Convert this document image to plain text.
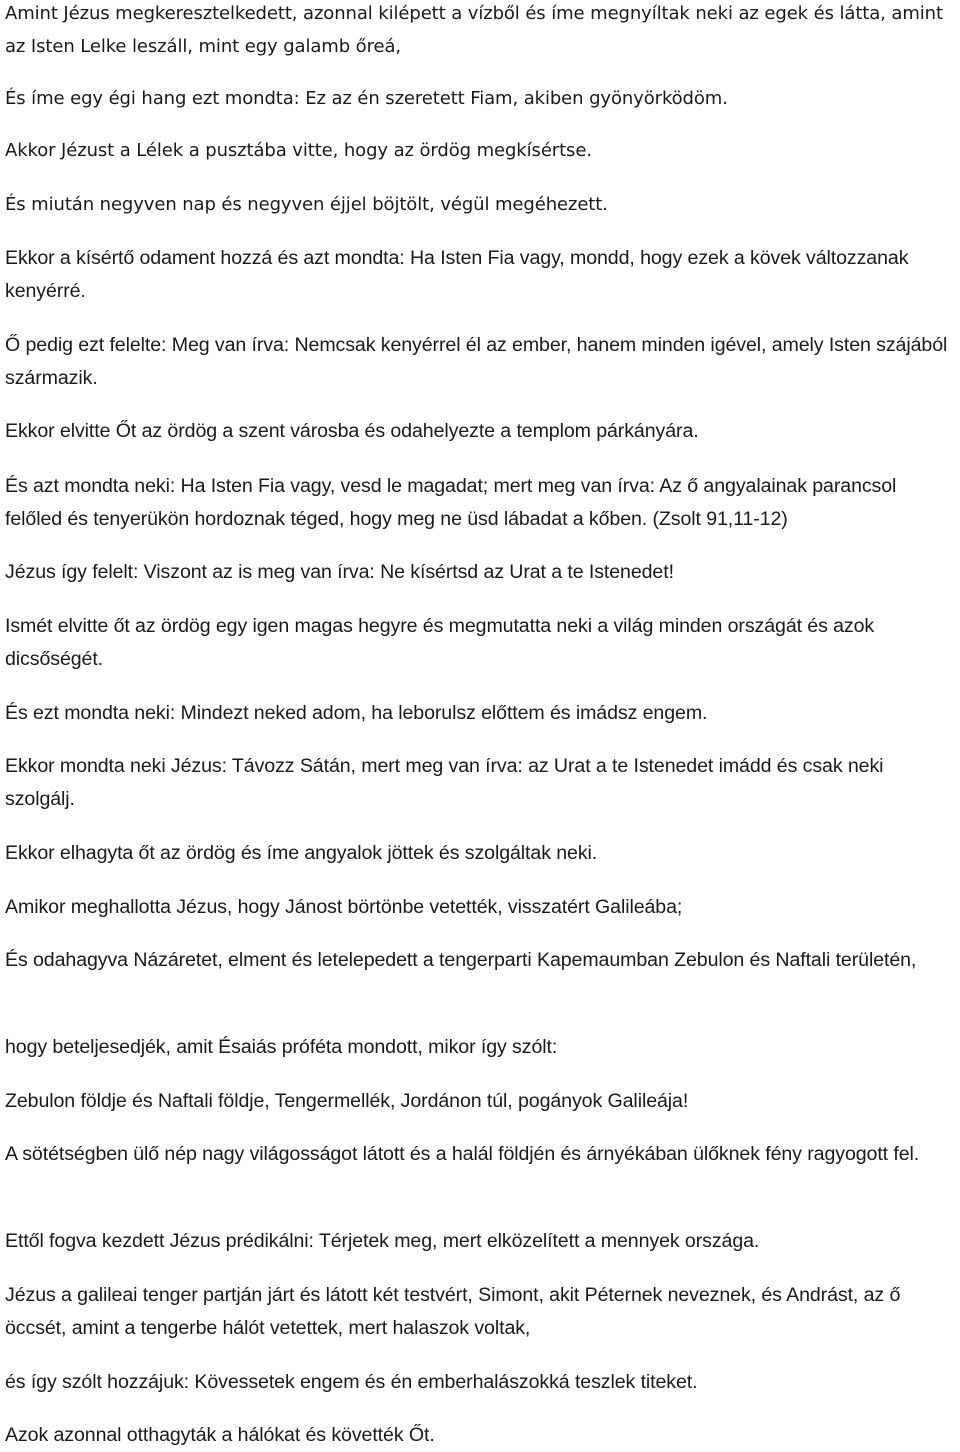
Amint Jézus megkeresztelkedett, azonnal kilépett a vízből és íme megnyíltak neki az egek és látta, amint az Isten Lelke leszáll, mint egy galamb őreá,

És íme egy égi hang ezt mondta: Ez az én szeretett Fiam, akiben gyönyörködöm.

Akkor Jézust a Lélek a pusztába vitte, hogy az ördög megkísértse.

És miután negyven nap és negyven éjjel böjtölt, végül megéhezett.

Ekkor a kísértő odament hozzá és azt mondta: Ha Isten Fia vagy, mondd, hogy ezek a kövek változzanak kenyérré.

Ő pedig ezt felelte: Meg van írva: Nemcsak kenyérrel él az ember, hanem minden igével, amely Isten szájából származik.

Ekkor elvitte Őt az ördög a szent városba és odahelyezte a templom párkányára.

És azt mondta neki: Ha Isten Fia vagy, vesd le magadat; mert meg van írva: Az ő angyalainak parancsol felőled és tenyerükön hordoznak téged, hogy meg ne üsd lábadat a kőben. (Zsolt 91,11-12)

Jézus így felelt: Viszont az is meg van írva: Ne kísértsd az Urat a te Istenedet!

Ismét elvitte őt az ördög egy igen magas hegyre és megmutatta neki a világ minden országát és azok dicsőségét.

És ezt mondta neki: Mindezt neked adom, ha leborulsz előttem és imádsz engem.

Ekkor mondta neki Jézus: Távozz Sátán, mert meg van írva: az Urat a te Istenedet imádd és csak neki szolgálj.

Ekkor elhagyta őt az ördög és íme angyalok jöttek és szolgáltak neki.

Amikor meghallotta Jézus, hogy Jánost börtönbe vetették, visszatért Galileába;

És odahagyva Názáretet, elment és letelepedett a tengerparti Kapemaumban Zebulon és Naftali területén,

hogy beteljesedjék, amit Ésaiás próféta mondott, mikor így szólt:

Zebulon földje és Naftali földje, Tengermellék, Jordánon túl, pogányok Galileája!

A sötétségben ülő nép nagy világosságot látott és a halál földjén és árnyékában ülőknek fény ragyogott fel.

Ettől fogva kezdett Jézus prédikálni: Térjetek meg, mert elközelített a mennyek országa.

Jézus a galileai tenger partján járt és látott két testvért, Simont, akit Péternek neveznek, és Andrást, az ő öccsét, amint a tengerbe hálót vetettek, mert halaszok voltak,

és így szólt hozzájuk: Kövessetek engem és én emberhalászokká teszlek titeket.

Azok azonnal otthagyták a hálókat és követték Őt.
